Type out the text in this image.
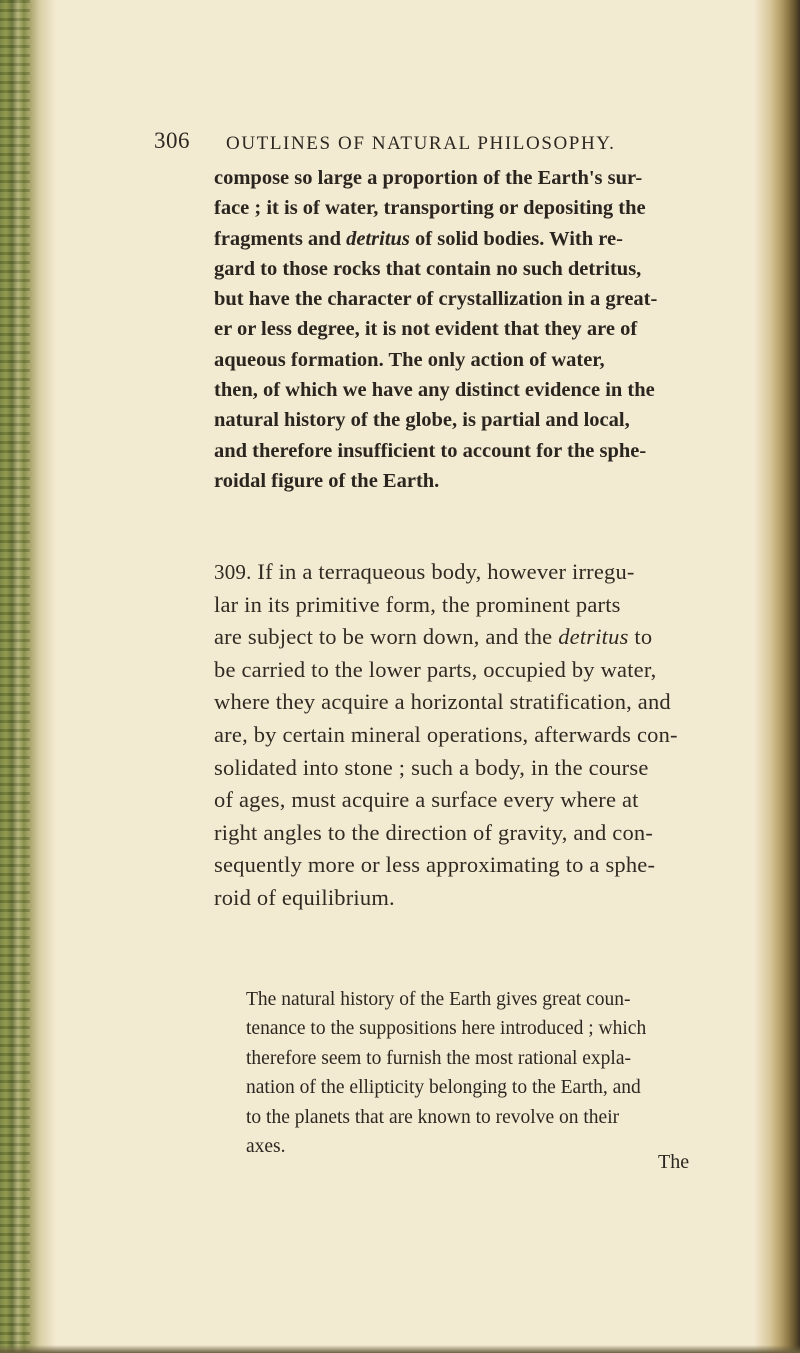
306 OUTLINES OF NATURAL PHILOSOPHY.

compose so large a proportion of the Earth's sur-
face ; it is of water, transporting or depositing the
fragments and detritus of solid bodies. With re-
gard to those rocks that contain no such detritus,
but have the character of crystallization in a great-
er or less degree, it is not evident that they are of
aqueous formation. The only action of water,
then, of which we have any distinct evidence in the
natural history of the globe, is partial and local,
and therefore insufficient to account for the sphe-
roidal figure of the Earth.

309. If in a terraqueous body, however irregu-
lar in its primitive form, the prominent parts
are subject to be worn down, and the detritus to
be carried to the lower parts, occupied by water,
where they acquire a horizontal stratification, and
are, by certain mineral operations, afterwards con-
solidated into stone ; such a body, in the course
of ages, must acquire a surface every where at
right angles to the direction of gravity, and con-
sequently more or less approximating to a sphe-
roid of equilibrium.

The natural history of the Earth gives great coun-
tenance to the suppositions here introduced ; which
therefore seem to furnish the most rational expla-
nation of the ellipticity belonging to the Earth, and
to the planets that are known to revolve on their
axes.

The
